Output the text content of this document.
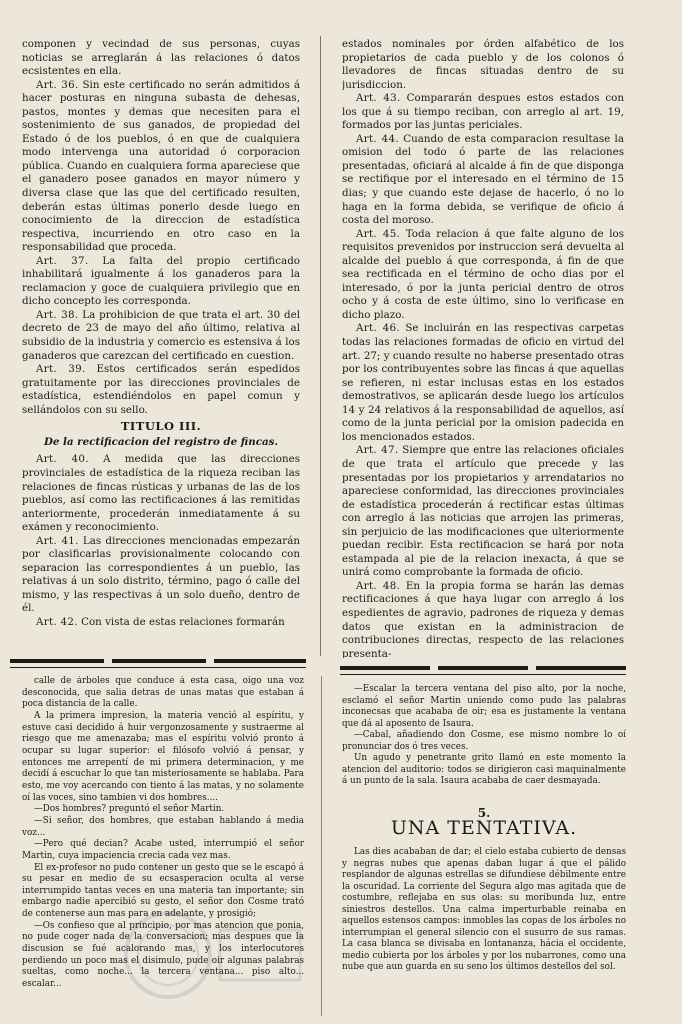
componen y vecindad de sus personas, cuyas noticias se arreglarán á las relaciones ó datos ecsistentes en ella.

Art. 36. Sin este certificado no serán admitidos á hacer posturas en ninguna subasta de dehesas, pastos, montes y demas que necesiten para el sostenimiento de sus ganados, de propiedad del Estado ó de los pueblos, ó en que de cualquiera modo intervenga una autoridad ó corporacion pública. Cuando en cualquiera forma apareciese que el ganadero posee ganados en mayor número y diversa clase que las que del certificado resulten, deberán estas últimas ponerlo desde luego en conocimiento de la direccion de estadística respectiva, incurriendo en otro caso en la responsabilidad que proceda.

Art. 37. La falta del propio certificado inhabilitará igualmente á los ganaderos para la reclamacion y goce de cualquiera privilegio que en dicho concepto les corresponda.

Art. 38. La prohibicion de que trata el art. 30 del decreto de 23 de mayo del año último, relativa al subsidio de la industria y comercio es estensiva á los ganaderos que carezcan del certificado en cuestion.

Art. 39. Estos certificados serán espedidos gratuitamente por las direcciones provinciales de estadística, estendiéndolos en papel comun y sellándolos con su sello.

TITULO III.
De la rectificacion del registro de fincas.

Art. 40. A medida que las direcciones provinciales de estadística de la riqueza reciban las relaciones de fincas rústicas y urbanas de las de los pueblos, así como las rectificaciones á las remitidas anteriormente, procederán inmediatamente á su exámen y reconocimiento.

Art. 41. Las direcciones mencionadas empezarán por clasificarlas provisionalmente colocando con separacion las correspondientes á un pueblo, las relativas á un solo distrito, término, pago ó calle del mismo, y las respectivas á un solo dueño, dentro de él.

Art. 42. Con vista de estas relaciones formarán

estados nominales por órden alfabético de los propietarios de cada pueblo y de los colonos ó llevadores de fincas situadas dentro de su jurisdiccion.

Art. 43. Compararán despues estos estados con los que á su tiempo reciban, con arreglo al art. 19, formados por las juntas periciales.

Art. 44. Cuando de esta comparacion resultase la omision del todo ó parte de las relaciones presentadas, oficiará al alcalde á fin de que disponga se rectifique por el interesado en el término de 15 dias; y que cuando este dejase de hacerlo, ó no lo haga en la forma debida, se verifique de oficio á costa del moroso.

Art. 45. Toda relacion á que falte alguno de los requisitos prevenidos por instruccion será devuelta al alcalde del pueblo á que corresponda, á fin de que sea rectificada en el término de ocho dias por el interesado, ó por la junta pericial dentro de otros ocho y á costa de este último, sino lo verificase en dicho plazo.

Art. 46. Se incluirán en las respectivas carpetas todas las relaciones formadas de oficio en virtud del art. 27; y cuando resulte no haberse presentado otras por los contribuyentes sobre las fincas á que aquellas se refieren, ni estar inclusas estas en los estados demostrativos, se aplicarán desde luego los artículos 14 y 24 relativos á la responsabilidad de aquellos, así como de la junta pericial por la omision padecida en los mencionados estados.

Art. 47. Siempre que entre las relaciones oficiales de que trata el artículo que precede y las presentadas por los propietarios y arrendatarios no apareciese conformidad, las direcciones provinciales de estadística procederán á rectificar estas últimas con arreglo á las noticias que arrojen las primeras, sin perjuicio de las modificaciones que ulteriormente puedan recibir. Esta rectificacion se hará por nota estampada al pie de la relacion inexacta, á que se unirá como comprobante la formada de oficio.

Art. 48. En la propia forma se harán las demas rectificaciones á que haya lugar con arreglo á los espedientes de agravio, padrones de riqueza y demas datos que existan en la administracion de contribuciones directas, respecto de las relaciones presenta-

calle de árboles que conduce á esta casa, oigo una voz desconocida, que salia detras de unas matas que estaban á poca distancia de la calle.

A la primera impresion, la materia venció al espíritu, y estuve casi decidido á huir vergonzosamente y sustraerme al riesgo que me amenazaba; mas el espíritu volvió pronto á ocupar su lugar superior: el filósofo volvió á pensar, y entonces me arrepentí de mi primera determinacion, y me decidí á escuchar lo que tan misteriosamente se hablaba. Para esto, me voy acercando con tiento á las matas, y no solamente oí las voces, sino tambien vi dos hombres....

—Dos hombres? preguntó el señor Martin.

—Si señor, dos hombres, que estaban hablando á media voz...

—Pero qué decian? Acabe usted, interrumpió el señor Martin, cuya impaciencia crecia cada vez mas.

El ex-profesor no pudo contener un gesto que se le escapó á su pesar en medio de su ecsasperacion oculta al verse interrumpido tantas veces en una materia tan importante; sin embargo nadie apercibió su gesto, el señor don Cosme trató de contenerse aun mas para en adelante, y prosigió;

—Os confieso que al principio, por mas atencion que ponia, no pude coger nada de la conversacion; mas despues que la discusion se fué acalorando mas, y los interlocutores perdiendo un poco mas el disimulo, pude oir algunas palabras sueltas, como noche... la tercera ventana... piso alto... escalar...

—Escalar la tercera ventana del piso alto, por la noche, esclamó el señor Martin uniendo como pudo las palabras inconecsas que acababa de oir; esa es justamente la ventana que dá al aposento de Isaura.

—Cabal, añadiendo don Cosme, ese mismo nombre lo oí pronunciar dos ó tres veces.

Un agudo y penetrante grito llamó en este momento la atencion del auditorio: todos se dirigieron casi maquinalmente á un punto de la sala. Isaura acababa de caer desmayada.

5.
UNA TENTATIVA.

Las dies acababan de dar; el cielo estaba cubierto de densas y negras nubes que apenas daban lugar á que el pálido resplandor de algunas estrellas se difundiese débilmente entre la oscuridad. La corriente del Segura algo mas agitada que de costumbre, reflejaba en sus olas: su moribunda luz, entre siniestros destellos. Una calma imperturbable reinaba en aquellos estensos campos: inmobles las copas de los árboles no interrumpian el general silencio con el susurro de sus ramas. La casa blanca se divisaba en lontananza, hácia el occidente, medio cubierta por los árboles y por los nubarrones, como una nube que aun guarda en su seno los últimos destellos del sol.
